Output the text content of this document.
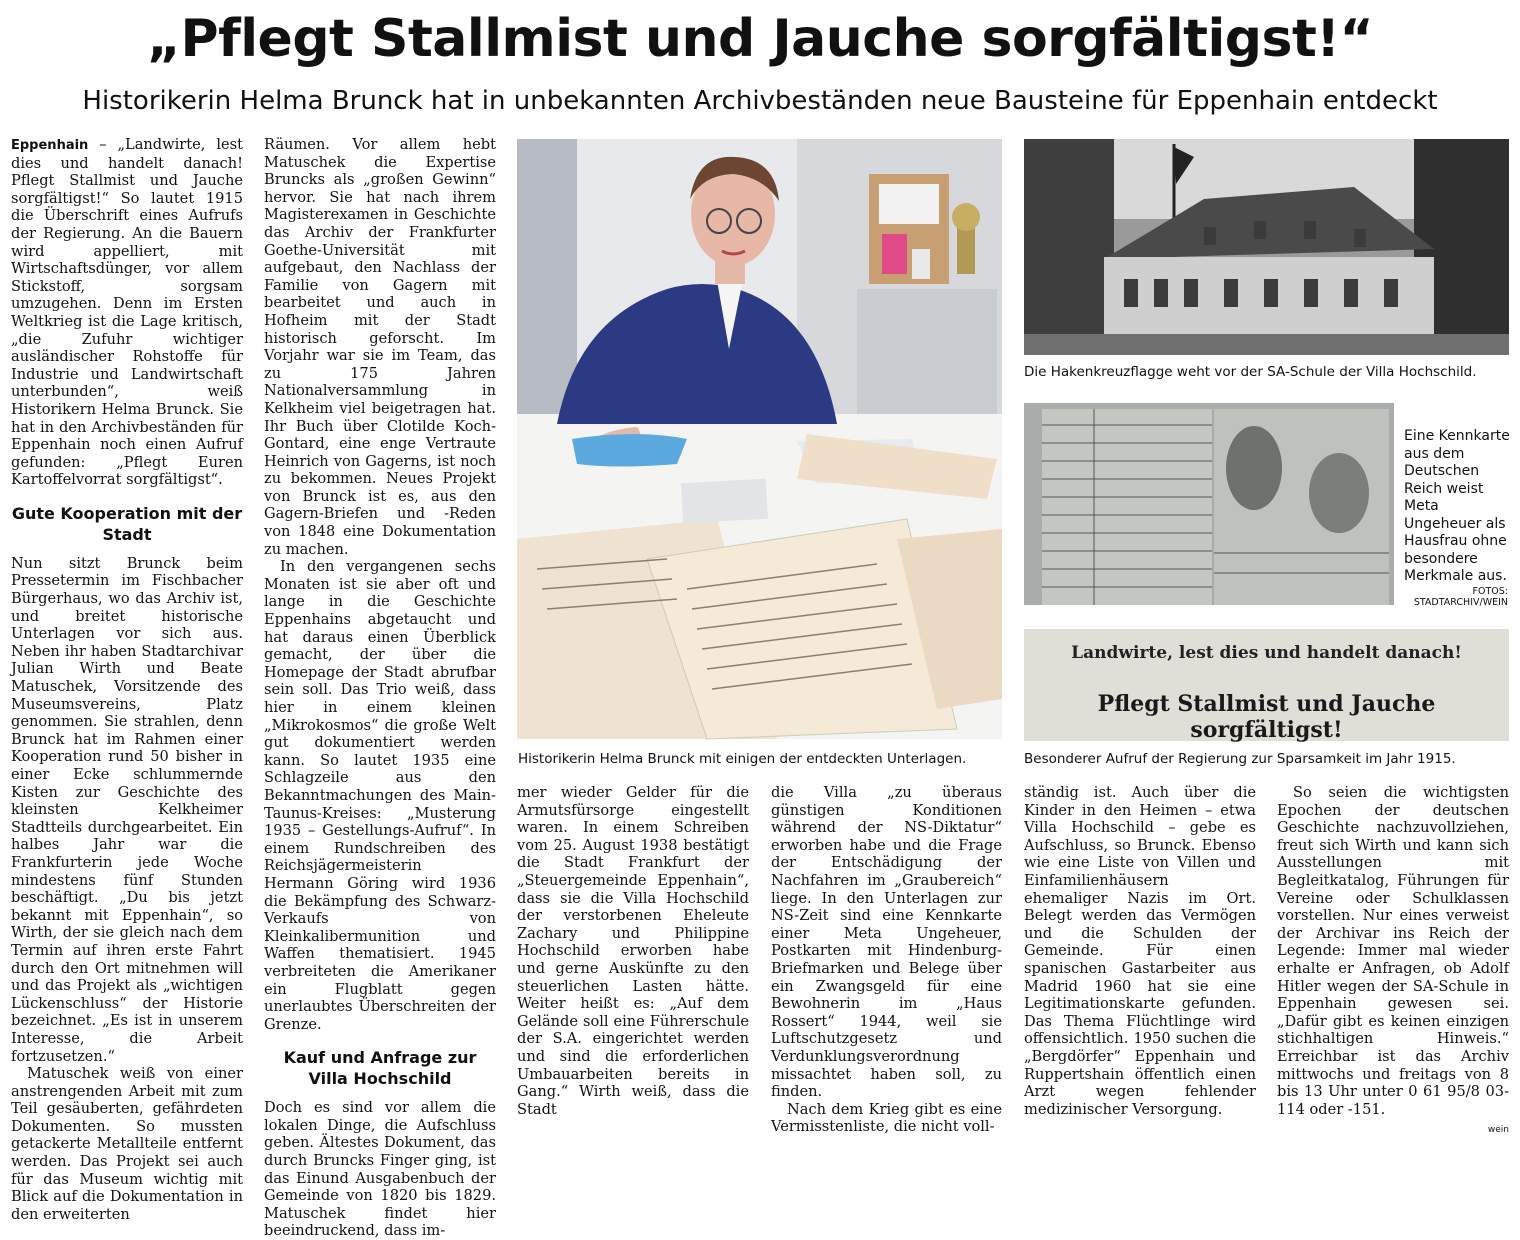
„Pflegt Stallmist und Jauche sorgfältigst!“
Historikerin Helma Brunck hat in unbekannten Archivbeständen neue Bausteine für Eppenhain entdeckt

Eppenhain – „Landwirte, lest dies und handelt danach! Pflegt Stallmist und Jauche sorgfältigst!“ So lautet 1915 die Überschrift eines Aufrufs der Regierung. An die Bauern wird appelliert, mit Wirtschaftsdünger, vor allem Stickstoff, sorgsam umzugehen. Denn im Ersten Weltkrieg ist die Lage kritisch, „die Zufuhr wichtiger ausländischer Rohstoffe für Industrie und Landwirtschaft unterbunden“, weiß Historikern Helma Brunck. Sie hat in den Archivbeständen für Eppenhain noch einen Aufruf gefunden: „Pflegt Euren Kartoffelvorrat sorgfältigst“.

Gute Kooperation mit der Stadt

Nun sitzt Brunck beim Pressetermin im Fischbacher Bürgerhaus, wo das Archiv ist, und breitet historische Unterlagen vor sich aus. Neben ihr haben Stadtarchivar Julian Wirth und Beate Matuschek, Vorsitzende des Museumsvereins, Platz genommen. Sie strahlen, denn Brunck hat im Rahmen einer Kooperation rund 50 bisher in einer Ecke schlummernde Kisten zur Geschichte des kleinsten Kelkheimer Stadtteils durchgearbeitet. Ein halbes Jahr war die Frankfurterin jede Woche mindestens fünf Stunden beschäftigt. „Du bis jetzt bekannt mit Eppenhain“, so Wirth, der sie gleich nach dem Termin auf ihren erste Fahrt durch den Ort mitnehmen will und das Projekt als „wichtigen Lückenschluss“ der Historie bezeichnet. „Es ist in unserem Interesse, die Arbeit fortzusetzen.“

Matuschek weiß von einer anstrengenden Arbeit mit zum Teil gesäuberten, gefährdeten Dokumenten. So mussten getackerte Metallteile entfernt werden. Das Projekt sei auch für das Museum wichtig mit Blick auf die Dokumentation in den erweiterten

Räumen. Vor allem hebt Matuschek die Expertise Bruncks als „großen Gewinn“ hervor. Sie hat nach ihrem Magisterexamen in Geschichte das Archiv der Frankfurter Goethe-Universität mit aufgebaut, den Nachlass der Familie von Gagern mit bearbeitet und auch in Hofheim mit der Stadt historisch geforscht. Im Vorjahr war sie im Team, das zu 175 Jahren Nationalversammlung in Kelkheim viel beigetragen hat. Ihr Buch über Clotilde Koch-Gontard, eine enge Vertraute Heinrich von Gagerns, ist noch zu bekommen. Neues Projekt von Brunck ist es, aus den Gagern-Briefen und -Reden von 1848 eine Dokumentation zu machen.

In den vergangenen sechs Monaten ist sie aber oft und lange in die Geschichte Eppenhains abgetaucht und hat daraus einen Überblick gemacht, der über die Homepage der Stadt abrufbar sein soll. Das Trio weiß, dass hier in einem kleinen „Mikrokosmos“ die große Welt gut dokumentiert werden kann. So lautet 1935 eine Schlagzeile aus den Bekanntmachungen des Main-Taunus-Kreises: „Musterung 1935 – Gestellungs-Aufruf“. In einem Rundschreiben des Reichsjägermeisterin Hermann Göring wird 1936 die Bekämpfung des Schwarz-Verkaufs von Kleinkalibermunition und Waffen thematisiert. 1945 verbreiteten die Amerikaner ein Flugblatt gegen unerlaubtes Überschreiten der Grenze.

Kauf und Anfrage zur Villa Hochschild

Doch es sind vor allem die lokalen Dinge, die Aufschluss geben. Ältestes Dokument, das durch Bruncks Finger ging, ist das Einund Ausgabenbuch der Gemeinde von 1820 bis 1829. Matuschek findet hier beeindruckend, dass im-

Historikerin Helma Brunck mit einigen der entdeckten Unterlagen.
Die Hakenkreuzflagge weht vor der SA-Schule der Villa Hochschild.
Eine Kennkarte aus dem Deutschen Reich weist Meta Ungeheuer als Hausfrau ohne besondere Merkmale aus.
FOTOS:
STADTARCHIV/WEIN
Landwirte, lest dies und handelt danach!
Pflegt Stallmist und Jauche sorgfältigst!
Besonderer Aufruf der Regierung zur Sparsamkeit im Jahr 1915.

mer wieder Gelder für die Armutsfürsorge eingestellt waren. In einem Schreiben vom 25. August 1938 bestätigt die Stadt Frankfurt der „Steuergemeinde Eppenhain“, dass sie die Villa Hochschild der verstorbenen Eheleute Zachary und Philippine Hochschild erworben habe und gerne Auskünfte zu den steuerlichen Lasten hätte. Weiter heißt es: „Auf dem Gelände soll eine Führerschule der S.A. eingerichtet werden und sind die erforderlichen Umbauarbeiten bereits in Gang.“ Wirth weiß, dass die Stadt

die Villa „zu überaus günstigen Konditionen während der NS-Diktatur“ erworben habe und die Frage der Entschädigung der Nachfahren im „Graubereich“ liege. In den Unterlagen zur NS-Zeit sind eine Kennkarte einer Meta Ungeheuer, Postkarten mit Hindenburg-Briefmarken und Belege über ein Zwangsgeld für eine Bewohnerin im „Haus Rossert“ 1944, weil sie Luftschutzgesetz und Verdunklungsverordnung missachtet haben soll, zu finden.

Nach dem Krieg gibt es eine Vermisstenliste, die nicht voll-

ständig ist. Auch über die Kinder in den Heimen – etwa Villa Hochschild – gebe es Aufschluss, so Brunck. Ebenso wie eine Liste von Villen und Einfamilienhäusern ehemaliger Nazis im Ort. Belegt werden das Vermögen und die Schulden der Gemeinde. Für einen spanischen Gastarbeiter aus Madrid 1960 hat sie eine Legitimationskarte gefunden. Das Thema Flüchtlinge wird offensichtlich. 1950 suchen die „Bergdörfer“ Eppenhain und Ruppertshain öffentlich einen Arzt wegen fehlender medizinischer Versorgung.

So seien die wichtigsten Epochen der deutschen Geschichte nachzuvollziehen, freut sich Wirth und kann sich Ausstellungen mit Begleitkatalog, Führungen für Vereine oder Schulklassen vorstellen. Nur eines verweist der Archivar ins Reich der Legende: Immer mal wieder erhalte er Anfragen, ob Adolf Hitler wegen der SA-Schule in Eppenhain gewesen sei. „Dafür gibt es keinen einzigen stichhaltigen Hinweis.“ Erreichbar ist das Archiv mittwochs und freitags von 8 bis 13 Uhr unter 0 61 95/8 03-114 oder -151.

wein
